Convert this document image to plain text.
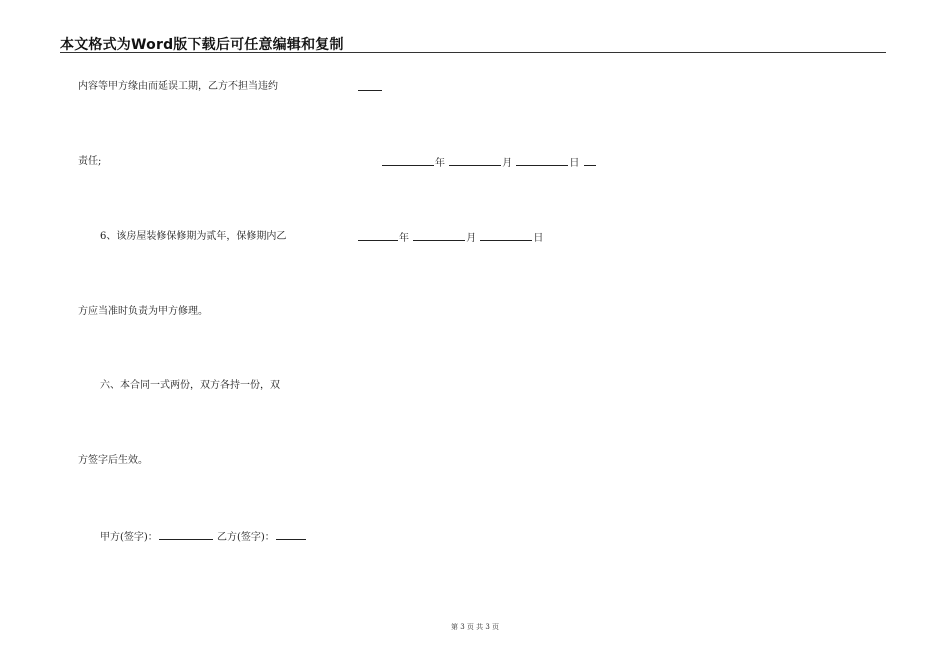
本文格式为Word版下载后可任意编辑和复制
内容等甲方缘由而延误工期，乙方不担当违约
责任;	年	月	日
6、该房屋装修保修期为贰年，保修期内乙	年	月	日
方应当准时负责为甲方修理。
六、本合同一式两份，双方各持一份，双
方签字后生效。
甲方(签字)：	乙方(签字)：
第 3 页 共 3 页
